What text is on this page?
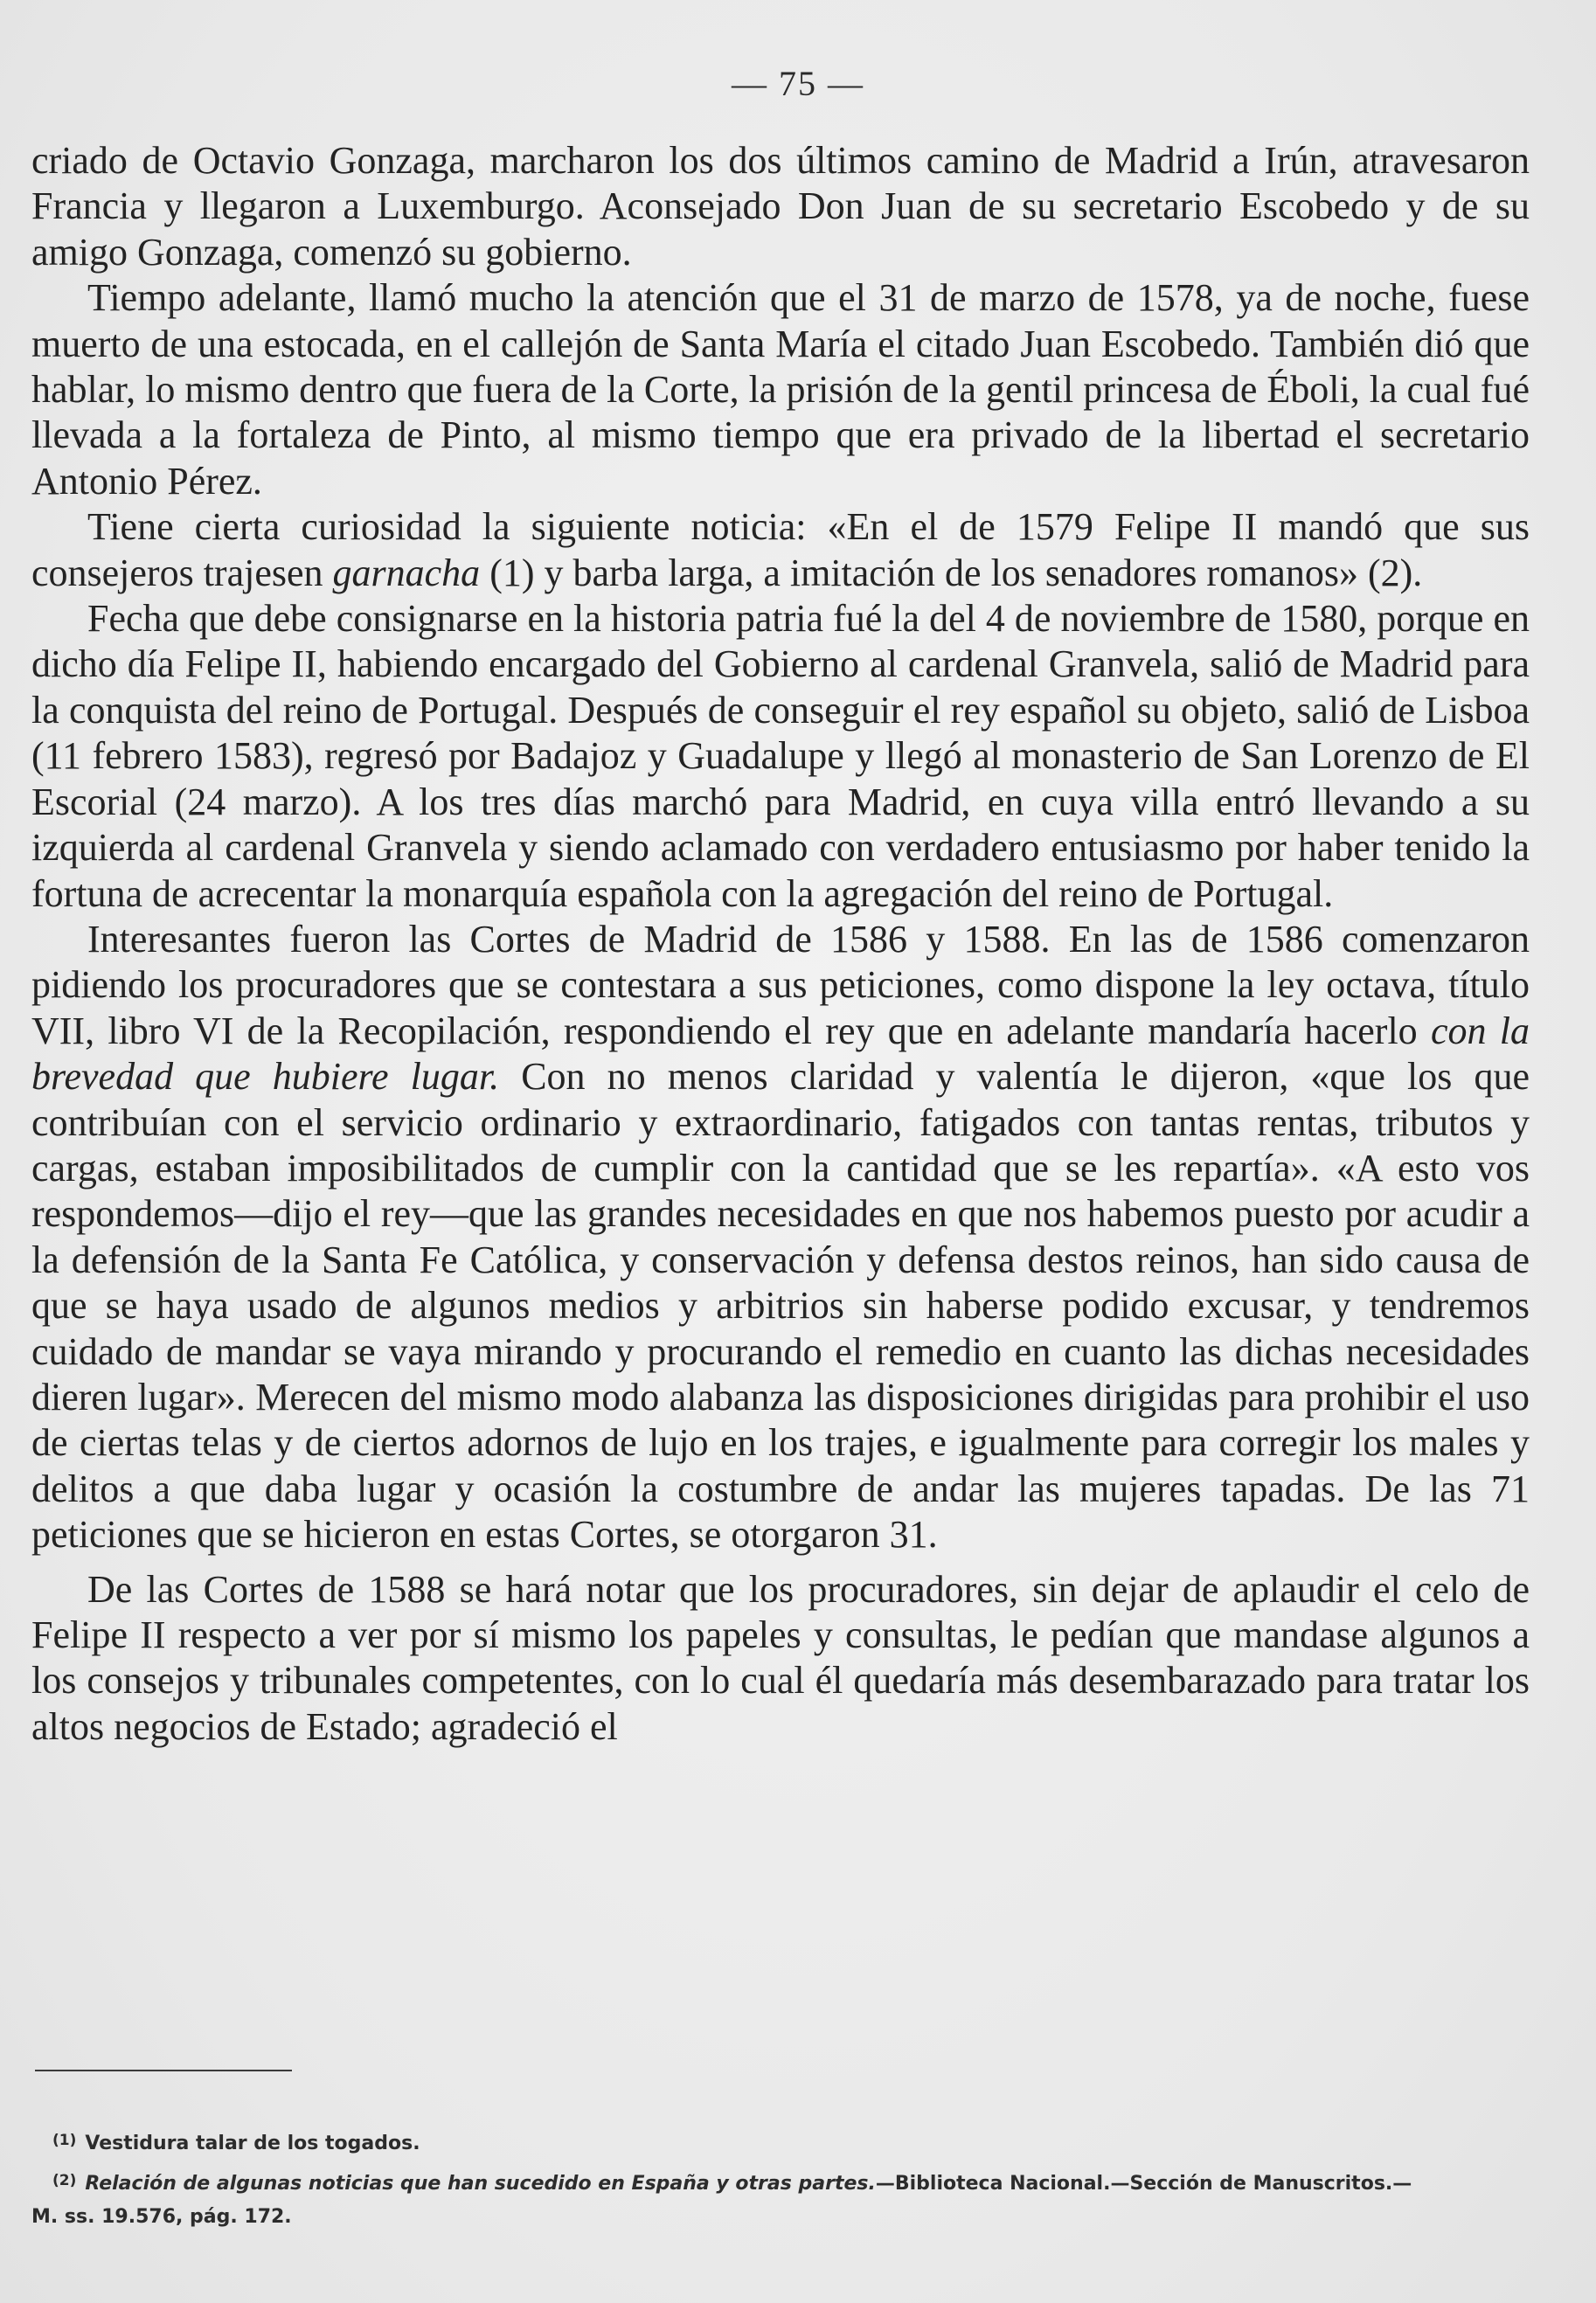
— 75 —

criado de Octavio Gonzaga, marcharon los dos últimos camino de Madrid a Irún, atravesaron Francia y llegaron a Luxemburgo. Aconsejado Don Juan de su secretario Escobedo y de su amigo Gonzaga, comenzó su gobierno.

Tiempo adelante, llamó mucho la atención que el 31 de marzo de 1578, ya de noche, fuese muerto de una estocada, en el callejón de Santa María el citado Juan Escobedo. También dió que hablar, lo mismo dentro que fuera de la Corte, la prisión de la gentil princesa de Éboli, la cual fué llevada a la fortaleza de Pinto, al mismo tiempo que era privado de la libertad el secretario Antonio Pérez.

Tiene cierta curiosidad la siguiente noticia: «En el de 1579 Felipe II mandó que sus consejeros trajesen garnacha (1) y barba larga, a imitación de los senadores romanos» (2).

Fecha que debe consignarse en la historia patria fué la del 4 de noviembre de 1580, porque en dicho día Felipe II, habiendo encargado del Gobierno al cardenal Granvela, salió de Madrid para la conquista del reino de Portugal. Después de conseguir el rey español su objeto, salió de Lisboa (11 febrero 1583), regresó por Badajoz y Guadalupe y llegó al monasterio de San Lorenzo de El Escorial (24 marzo). A los tres días marchó para Madrid, en cuya villa entró llevando a su izquierda al cardenal Granvela y siendo aclamado con verdadero entusiasmo por haber tenido la fortuna de acrecentar la monarquía española con la agregación del reino de Portugal.

Interesantes fueron las Cortes de Madrid de 1586 y 1588. En las de 1586 comenzaron pidiendo los procuradores que se contestara a sus peticiones, como dispone la ley octava, título VII, libro VI de la Recopilación, respondiendo el rey que en adelante mandaría hacerlo con la brevedad que hubiere lugar. Con no menos claridad y valentía le dijeron, «que los que contribuían con el servicio ordinario y extraordinario, fatigados con tantas rentas, tributos y cargas, estaban imposibilitados de cumplir con la cantidad que se les repartía». «A esto vos respondemos—dijo el rey—que las grandes necesidades en que nos habemos puesto por acudir a la defensión de la Santa Fe Católica, y conservación y defensa destos reinos, han sido causa de que se haya usado de algunos medios y arbitrios sin haberse podido excusar, y tendremos cuidado de mandar se vaya mirando y procurando el remedio en cuanto las dichas necesidades dieren lugar». Merecen del mismo modo alabanza las disposiciones dirigidas para prohibir el uso de ciertas telas y de ciertos adornos de lujo en los trajes, e igualmente para corregir los males y delitos a que daba lugar y ocasión la costumbre de andar las mujeres tapadas. De las 71 peticiones que se hicieron en estas Cortes, se otorgaron 31.

De las Cortes de 1588 se hará notar que los procuradores, sin dejar de aplaudir el celo de Felipe II respecto a ver por sí mismo los papeles y consultas, le pedían que mandase algunos a los consejos y tribunales competentes, con lo cual él quedaría más desembarazado para tratar los altos negocios de Estado; agradeció el

$^{(1)}$ Vestidura talar de los togados.

$^{(2)}$ Relación de algunas noticias que han sucedido en España y otras partes.—Biblioteca Nacional.—Sección de Manuscritos.—

M. ss. 19.576, pág. 172.
